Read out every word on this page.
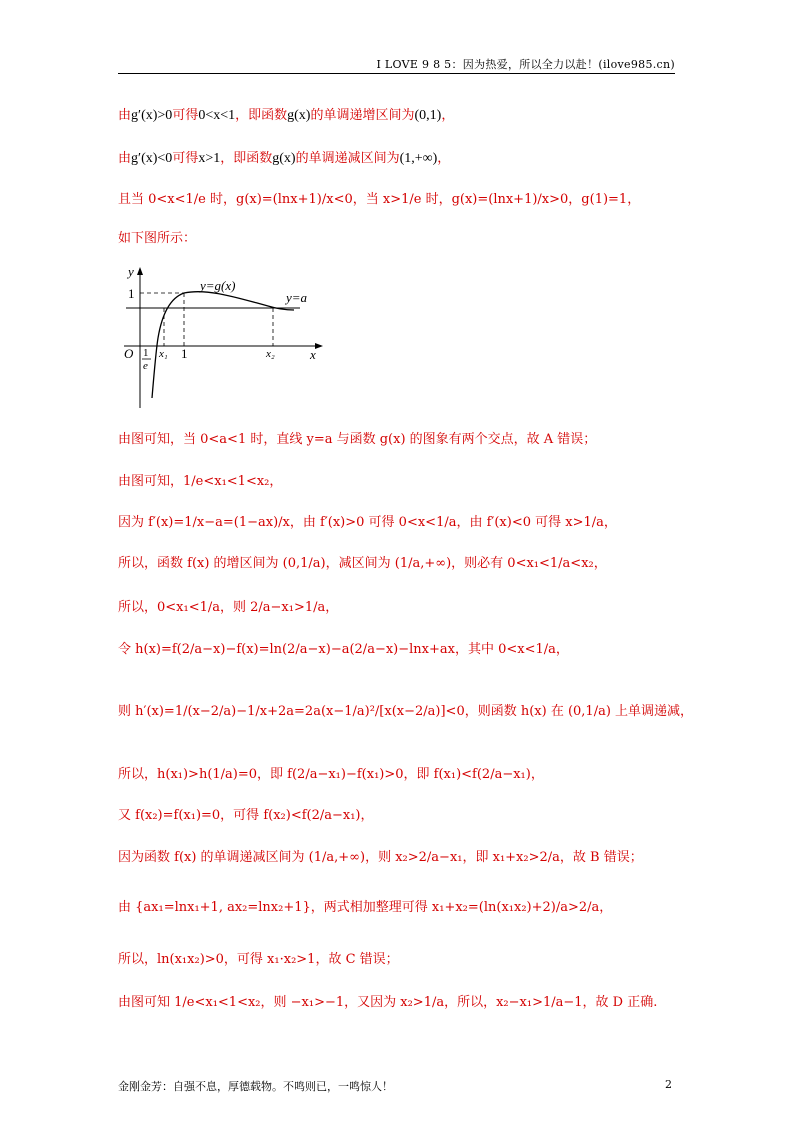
I LOVE 9 8 5：因为热爱，所以全力以赴！(ilove985.cn)
由g′(x)>0可得0<x<1，即函数g(x)的单调递增区间为(0,1)，
由g′(x)<0可得x>1，即函数g(x)的单调递减区间为(1,+∞)，
且当 0<x<1/e 时，g(x)=(lnx+1)/x<0，当 x>1/e 时，g(x)=(lnx+1)/x>0，g(1)=1，
如下图所示：
y
1
y=g(x)
y=a
O 1
e
x₁ 1	x₂	x
由图可知，当 0<a<1 时，直线 y=a 与函数 g(x) 的图象有两个交点，故 A 错误；
由图可知，1/e<x₁<1<x₂，
因为 f′(x)=1/x−a=(1−ax)/x，由 f′(x)>0 可得 0<x<1/a，由 f′(x)<0 可得 x>1/a，
所以，函数 f(x) 的增区间为 (0,1/a)，减区间为 (1/a,+∞)，则必有 0<x₁<1/a<x₂，
所以，0<x₁<1/a，则 2/a−x₁>1/a，
令 h(x)=f(2/a−x)−f(x)=ln(2/a−x)−a(2/a−x)−lnx+ax，其中 0<x<1/a，
则 h′(x)=1/(x−2/a)−1/x+2a=2a(x−1/a)²/[x(x−2/a)]<0，则函数 h(x) 在 (0,1/a) 上单调递减，
所以，h(x₁)>h(1/a)=0，即 f(2/a−x₁)−f(x₁)>0，即 f(x₁)<f(2/a−x₁)，
又 f(x₂)=f(x₁)=0，可得 f(x₂)<f(2/a−x₁)，
因为函数 f(x) 的单调递减区间为 (1/a,+∞)，则 x₂>2/a−x₁，即 x₁+x₂>2/a，故 B 错误；
由 {ax₁=lnx₁+1, ax₂=lnx₂+1}，两式相加整理可得 x₁+x₂=(ln(x₁x₂)+2)/a>2/a，
所以，ln(x₁x₂)>0，可得 x₁·x₂>1，故 C 错误；
由图可知 1/e<x₁<1<x₂，则 −x₁>−1，又因为 x₂>1/a，所以，x₂−x₁>1/a−1，故 D 正确.
金刚金芳：自强不息，厚德载物。不鸣则已，一鸣惊人！	2
